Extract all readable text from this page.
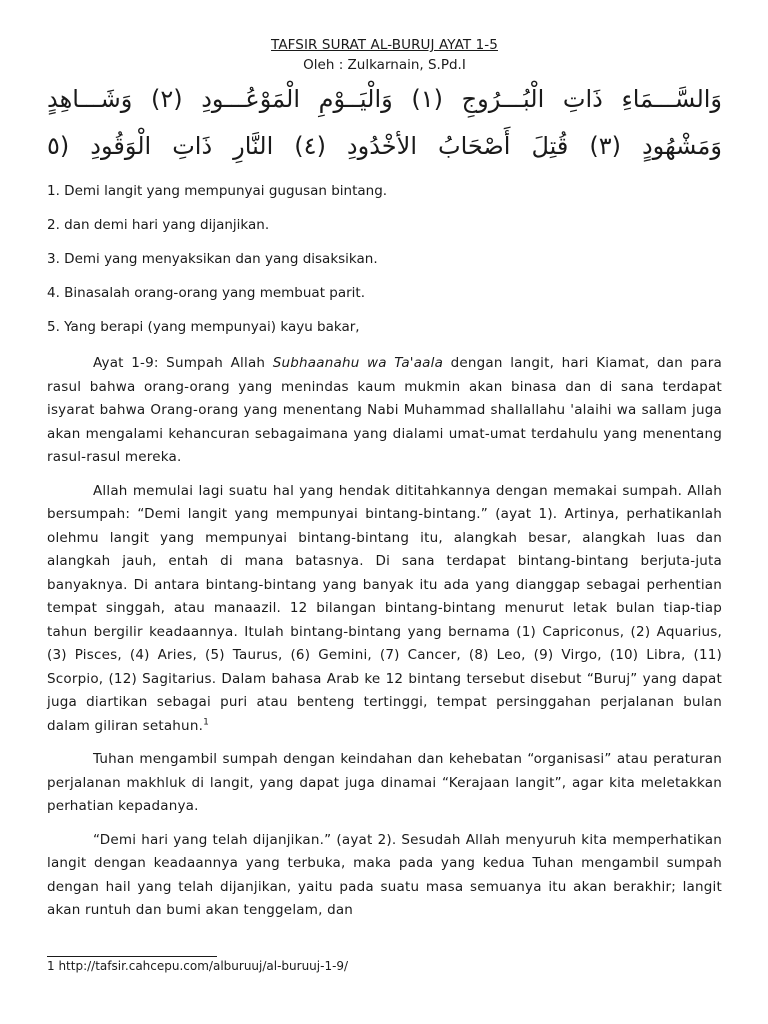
TAFSIR SURAT AL-BURUJ AYAT 1-5

Oleh : Zulkarnain, S.Pd.I

وَالسَّـــمَاءِ ذَاتِ الْبُـــرُوجِ (١) وَالْيَــوْمِ الْمَوْعُـــودِ (٢) وَشَـــاهِدٍ
وَمَشْهُودٍ (٣) قُتِلَ أَصْحَابُ الأخْدُودِ (٤) النَّارِ ذَاتِ الْوَقُودِ (٥
1. Demi langit yang mempunyai gugusan bintang.
2. dan demi hari yang dijanjikan.
3. Demi yang menyaksikan dan yang disaksikan.
4. Binasalah orang-orang yang membuat parit.
5. Yang berapi (yang mempunyai) kayu bakar,

Ayat 1-9: Sumpah Allah Subhaanahu wa Ta'aala dengan langit, hari Kiamat, dan para rasul bahwa orang-orang yang menindas kaum mukmin akan binasa dan di sana terdapat isyarat bahwa Orang-orang yang menentang Nabi Muhammad shallallahu 'alaihi wa sallam juga akan mengalami kehancuran sebagaimana yang dialami umat-umat terdahulu yang menentang rasul-rasul mereka.

Allah memulai lagi suatu hal yang hendak dititahkannya dengan memakai sumpah. Allah bersumpah: “Demi langit yang mempunyai bintang-bintang.” (ayat 1). Artinya, perhatikanlah olehmu langit yang mempunyai bintang-bintang itu, alangkah besar, alangkah luas dan alangkah jauh, entah di mana batasnya. Di sana terdapat bintang-bintang berjuta-juta banyaknya. Di antara bintang-bintang yang banyak itu ada yang dianggap sebagai perhentian tempat singgah, atau manaazil. 12 bilangan bintang-bintang menurut letak bulan tiap-tiap tahun bergilir keadaannya. Itulah bintang-bintang yang bernama (1) Capriconus, (2) Aquarius, (3) Pisces, (4) Aries, (5) Taurus, (6) Gemini, (7) Cancer, (8) Leo, (9) Virgo, (10) Libra, (11) Scorpio, (12) Sagitarius. Dalam bahasa Arab ke 12 bintang tersebut disebut “Buruj” yang dapat juga diartikan sebagai puri atau benteng tertinggi, tempat persinggahan perjalanan bulan dalam giliran setahun.$^1$

Tuhan mengambil sumpah dengan keindahan dan kehebatan “organisasi” atau peraturan perjalanan makhluk di langit, yang dapat juga dinamai “Kerajaan langit”, agar kita meletakkan perhatian kepadanya.

“Demi hari yang telah dijanjikan.” (ayat 2). Sesudah Allah menyuruh kita memperhatikan langit dengan keadaannya yang terbuka, maka pada yang kedua Tuhan mengambil sumpah dengan hail yang telah dijanjikan, yaitu pada suatu masa semuanya itu akan berakhir; langit akan runtuh dan bumi akan tenggelam, dan

1 http://tafsir.cahcepu.com/alburuuj/al-buruuj-1-9/
